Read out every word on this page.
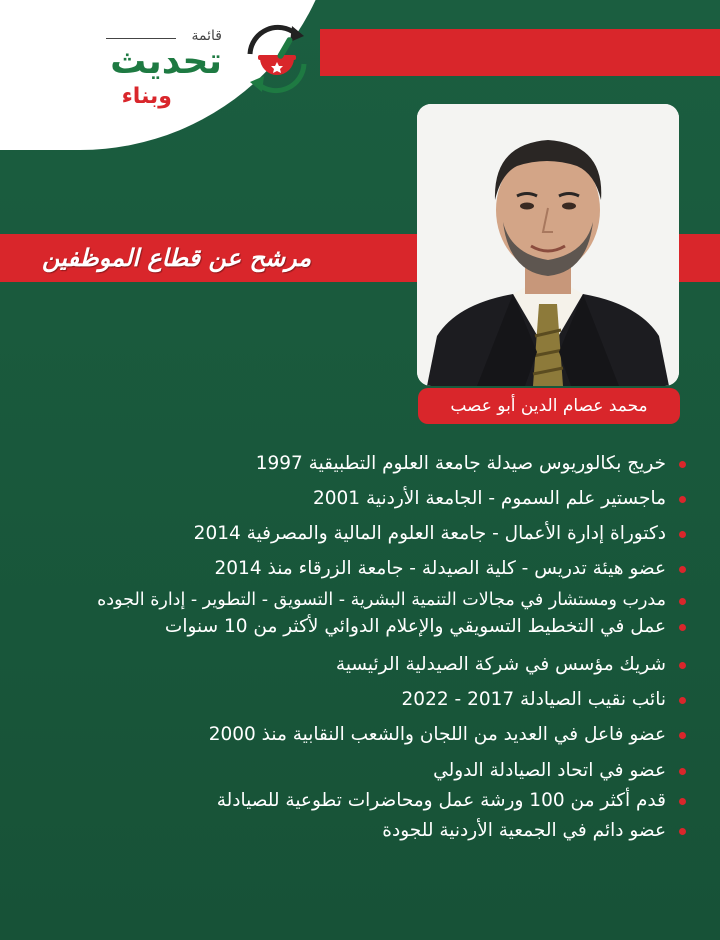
قائمة
تحديث
وبناء
مرشح عن قطاع الموظفين
محمد عصام الدين أبو عصب
خريج بكالوريوس صيدلة جامعة العلوم التطبيقية 1997
ماجستير علم السموم - الجامعة الأردنية 2001
دكتوراة إدارة الأعمال - جامعة العلوم المالية والمصرفية 2014
عضو هيئة تدريس - كلية الصيدلة - جامعة الزرقاء منذ 2014
مدرب ومستشار في مجالات التنمية البشرية - التسويق - التطوير - إدارة الجوده
عمل في التخطيط التسويقي والإعلام الدوائي لأكثر من 10 سنوات
شريك مؤسس في شركة الصيدلية الرئيسية
نائب نقيب الصيادلة 2017 - 2022
عضو فاعل في العديد من اللجان والشعب النقابية منذ 2000
عضو في اتحاد الصيادلة الدولي
قدم أكثر من 100 ورشة عمل ومحاضرات تطوعية للصيادلة
عضو دائم في الجمعية الأردنية للجودة
